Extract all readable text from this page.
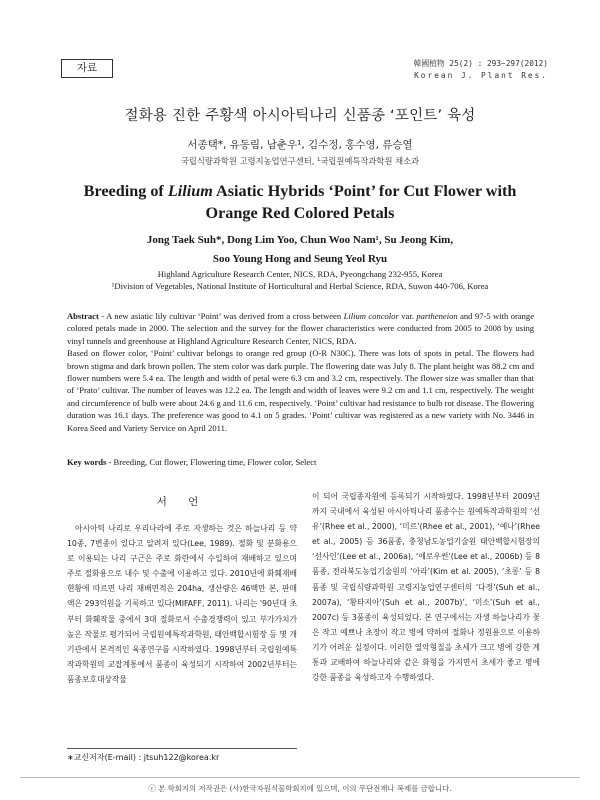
자료	韓國植物 25(2) : 293~297(2012)
Korean J. Plant Res.
절화용 진한 주황색 아시아틱나리 신품종 ‘포인트’ 육성
서종택*, 유동림, 남춘우¹, 김수정, 홍수영, 류승열
국립식량과학원 고령지농업연구센터, ¹국립원예특작과학원 채소과
Breeding of Lilium Asiatic Hybrids ‘Point’ for Cut Flower with
Orange Red Colored Petals
Jong Taek Suh*, Dong Lim Yoo, Chun Woo Nam¹, Su Jeong Kim,
Soo Young Hong and Seung Yeol Ryu
Highland Agriculture Research Center, NICS, RDA, Pyeongchang 232-955, Korea
¹Division of Vegetables, National Institute of Horticultural and Herbal Science, RDA, Suwon 440-706, Korea

Abstract - A new asiatic lily cultivar ‘Point’ was derived from a cross between Lilium concolor var. partheneion and 97-5 with orange colored petals made in 2000. The selection and the survey for the flower characteristics were conducted from 2005 to 2008 by using vinyl tunnels and greenhouse at Highland Agriculture Research Center, NICS, RDA.

Based on flower color, ‘Point’ cultivar belongs to orange red group (O-R N30C). There was lots of spots in petal. The flowers had brown stigma and dark brown pollen. The stem color was dark purple. The flowering date was July 8. The plant height was 88.2 cm and flower numbers were 5.4 ea. The length and width of petal were 6.3 cm and 3.2 cm, respectively. The flower size was smaller than that of ‘Prato’ cultivar. The number of leaves was 12.2 ea. The length and width of leaves were 9.2 cm and 1.1 cm, respectively. The weight and circumference of bulb were about 24.6 g and 11.6 cm, respectively. ‘Point’ cultivar had resistance to bulb rot disease. The flowering duration was 16.1 days. The preference was good to 4.1 on 5 grades. ‘Point’ cultivar was registered as a new variety with No. 3446 in Korea Seed and Variety Service on April 2011.

Key words - Breeding, Cut flower, Flowering time, Flower color, Select
서 언
아시아틱 나리로 우리나라에 주로 자생하는 것은 하늘나리 등 약 10종, 7변종이 있다고 알려져 있다(Lee, 1989). 절화 및 분화용으로 이용되는 나리 구근은 주로 화란에서 수입하여 재배하고 있으며 주로 절화용으로 내수 및 수출에 이용하고 있다. 2010년에 화훼재배현황에 따르면 나리 재배면적은 204ha, 생산량은 46백만 본, 판매액은 293억원을 기록하고 있다(MIFAFF, 2011). 나리는 '90년대 초부터 화훼작물 중에서 3대 절화로서 수출경쟁력이 있고 부가가치가 높은 작물로 평가되어 국립원예특작과학원, 태안백합시험장 등 몇 개 기관에서 본격적인 육종연구를 시작하였다. 1998년부터 국립원예특작과학원의 교잡계통에서 품종이 육성되기 시작하여 2002년부터는 품종보호대상작물
이 되어 국립종자원에 등록되기 시작하였다. 1998년부터 2009년까지 국내에서 육성된 아시아틱나리 품종수는 원예특작과학원의 ‘선유’(Rhee et al., 2000), ‘미르’(Rhee et al., 2001), ‘예나’(Rhee et al., 2005) 등 36품종, 충청남도농업기술원 태안백합시험장의 ‘선사인’(Lee et al., 2006a), ‘에로우썬’(Lee et al., 2006b) 등 8품종, 전라북도농업기술원의 ‘아라’(Kim et al. 2005), ‘초롱’ 등 8품종 및 국립식량과학원 고령지농업연구센터의 ‘다정’(Suh et al., 2007a), ‘황타지아’(Suh et al., 2007b)’, ‘미소’(Suh et al., 2007c) 등 3품종이 육성되었다. 본 연구에서는 자생 하늘나리가 꽃은 작고 예쁘나 초장이 작고 병에 약하여 절화나 정원용으로 이용하기가 어려운 실정이다. 이러한 열악형질을 초세가 크고 병에 강한 계통과 교배하여 하늘나리와 같은 화형을 가지면서 초세가 좋고 병에 강한 품종을 육성하고자 수행하였다.
∗교신저자(E-mail) : jtsuh122@korea.kr
ⓒ 본 학회지의 저작권은 (사)한국자원식물학회지에 있으며, 이의 무단전재나 복제를 금합니다.
